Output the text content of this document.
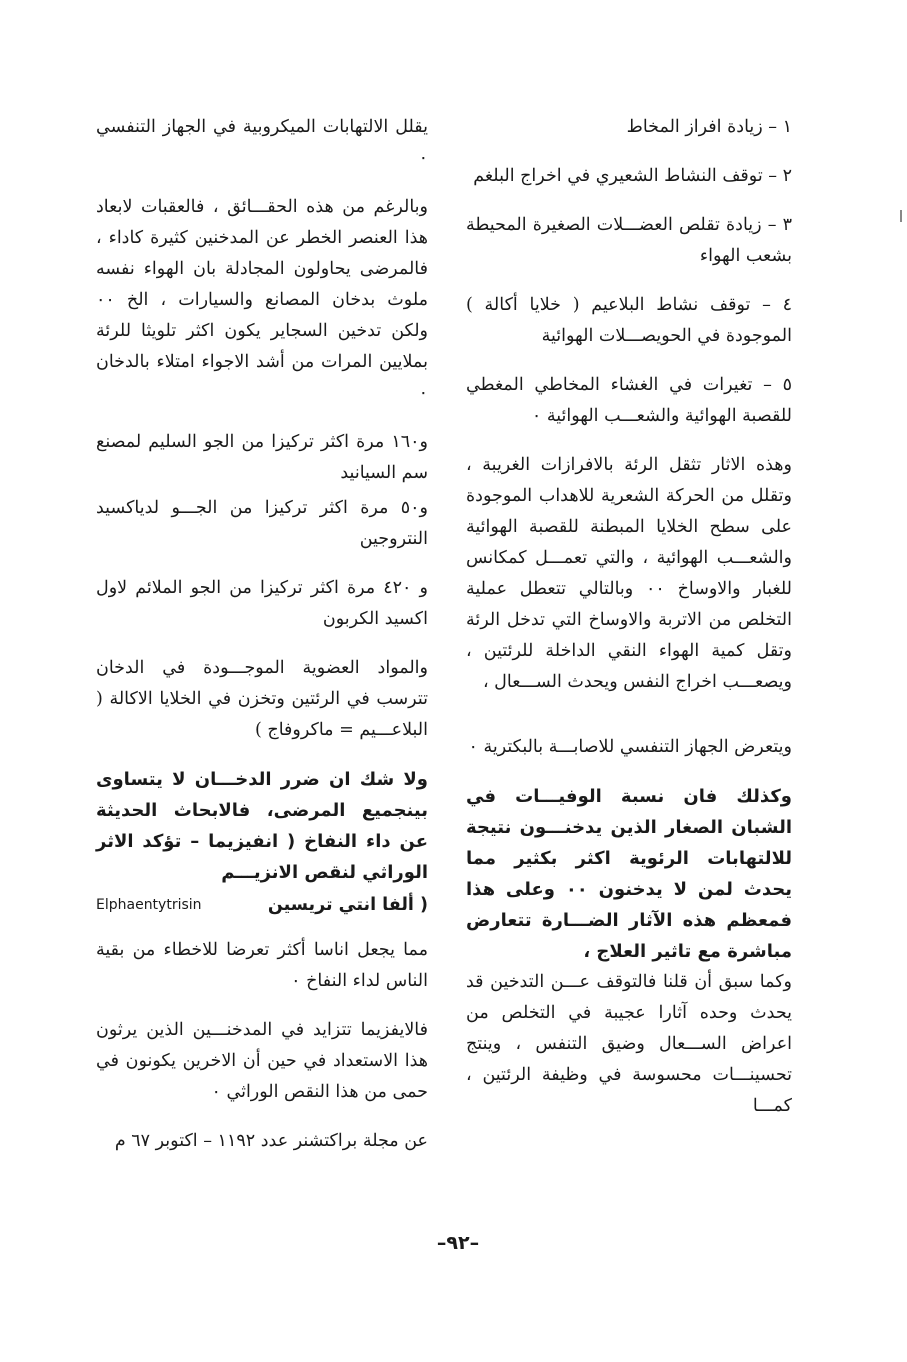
١ – زيادة افراز المخاط

٢ – توقف النشاط الشعيري في اخراج البلغم

٣ – زيادة تقلص العضـــلات الصغيرة المحيطة بشعب الهواء

٤ – توقف نشاط البلاعيم ( خلايا أكالة ) الموجودة في الحويصـــلات الهوائية

٥ – تغيرات في الغشاء المخاطي المغطي للقصبة الهوائية والشعـــب الهوائية ٠

وهذه الاثار تثقل الرئة بالافرازات الغريبة ، وتقلل من الحركة الشعرية للاهداب الموجودة على سطح الخلايا المبطنة للقصبة الهوائية والشعـــب الهوائية ، والتي تعمـــل كمكانس للغبار والاوساخ ٠٠ وبالتالي تتعطل عملية التخلص من الاتربة والاوساخ التي تدخل الرئة وتقل كمية الهواء النقي الداخلة للرئتين ، ويصعـــب اخراج النفس ويحدث الســـعال ،

ويتعرض الجهاز التنفسي للاصابـــة بالبكترية ٠

وكذلك فان نسبة الوفيـــات في الشبان الصغار الذين يدخنـــون نتيجة للالتهابات الرئوية اكثر بكثير مما يحدث لمن لا يدخنون ٠٠ وعلى هذا فمعظم هذه الآثار الضـــارة تتعارض مباشرة مع تاثير العلاج ،

وكما سبق أن قلنا فالتوقف عـــن التدخين قد يحدث وحده آثارا عجيبة في التخلص من اعراض الســـعال وضيق التنفس ، وينتج تحسينـــات محسوسة في وظيفة الرئتين ، كمـــا

يقلل الالتهابات الميكروبية في الجهاز التنفسي ٠

وبالرغم من هذه الحقـــائق ، فالعقبات لابعاد هذا العنصر الخطر عن المدخنين كثيرة كاداء ، فالمرضى يحاولون المجادلة بان الهواء نفسه ملوث بدخان المصانع والسيارات ، الخ ٠٠ ولكن تدخين السجاير يكون اكثر تلويثا للرئة بملايين المرات من أشد الاجواء امتلاء بالدخان ٠

و١٦٠ مرة اكثر تركيزا من الجو السليم لمصنع سم السيانيد

و٥٠ مرة اكثر تركيزا من الجـــو لدياكسيد النتروجين

و ٤٢٠ مرة اكثر تركيزا من الجو الملائم لاول اكسيد الكربون

والمواد العضوية الموجـــودة في الدخان تترسب في الرئتين وتخزن في الخلايا الاكالة ( البلاعـــيم = ماكروفاج )

ولا شك ان ضرر الدخـــان لا يتساوى بينجميع المرضى، فالابحاث الحديثة عن داء النفاخ ( انفيزيما – تؤكد الاثر الوراثي لنقص الانزيـــم

( ألفا انتي تريسين
Elphaentytrisin

مما يجعل اناسا أكثر تعرضا للاخطاء من بقية الناس لداء النفاخ ٠

فالايفزيما تتزايد في المدخنـــين الذين يرثون هذا الاستعداد في حين أن الاخرين يكونون في حمى من هذا النقص الوراثي ٠

عن مجلة براكتشنر عدد ١١٩٢ – اكتوبر ٦٧ م

–٩٢–
